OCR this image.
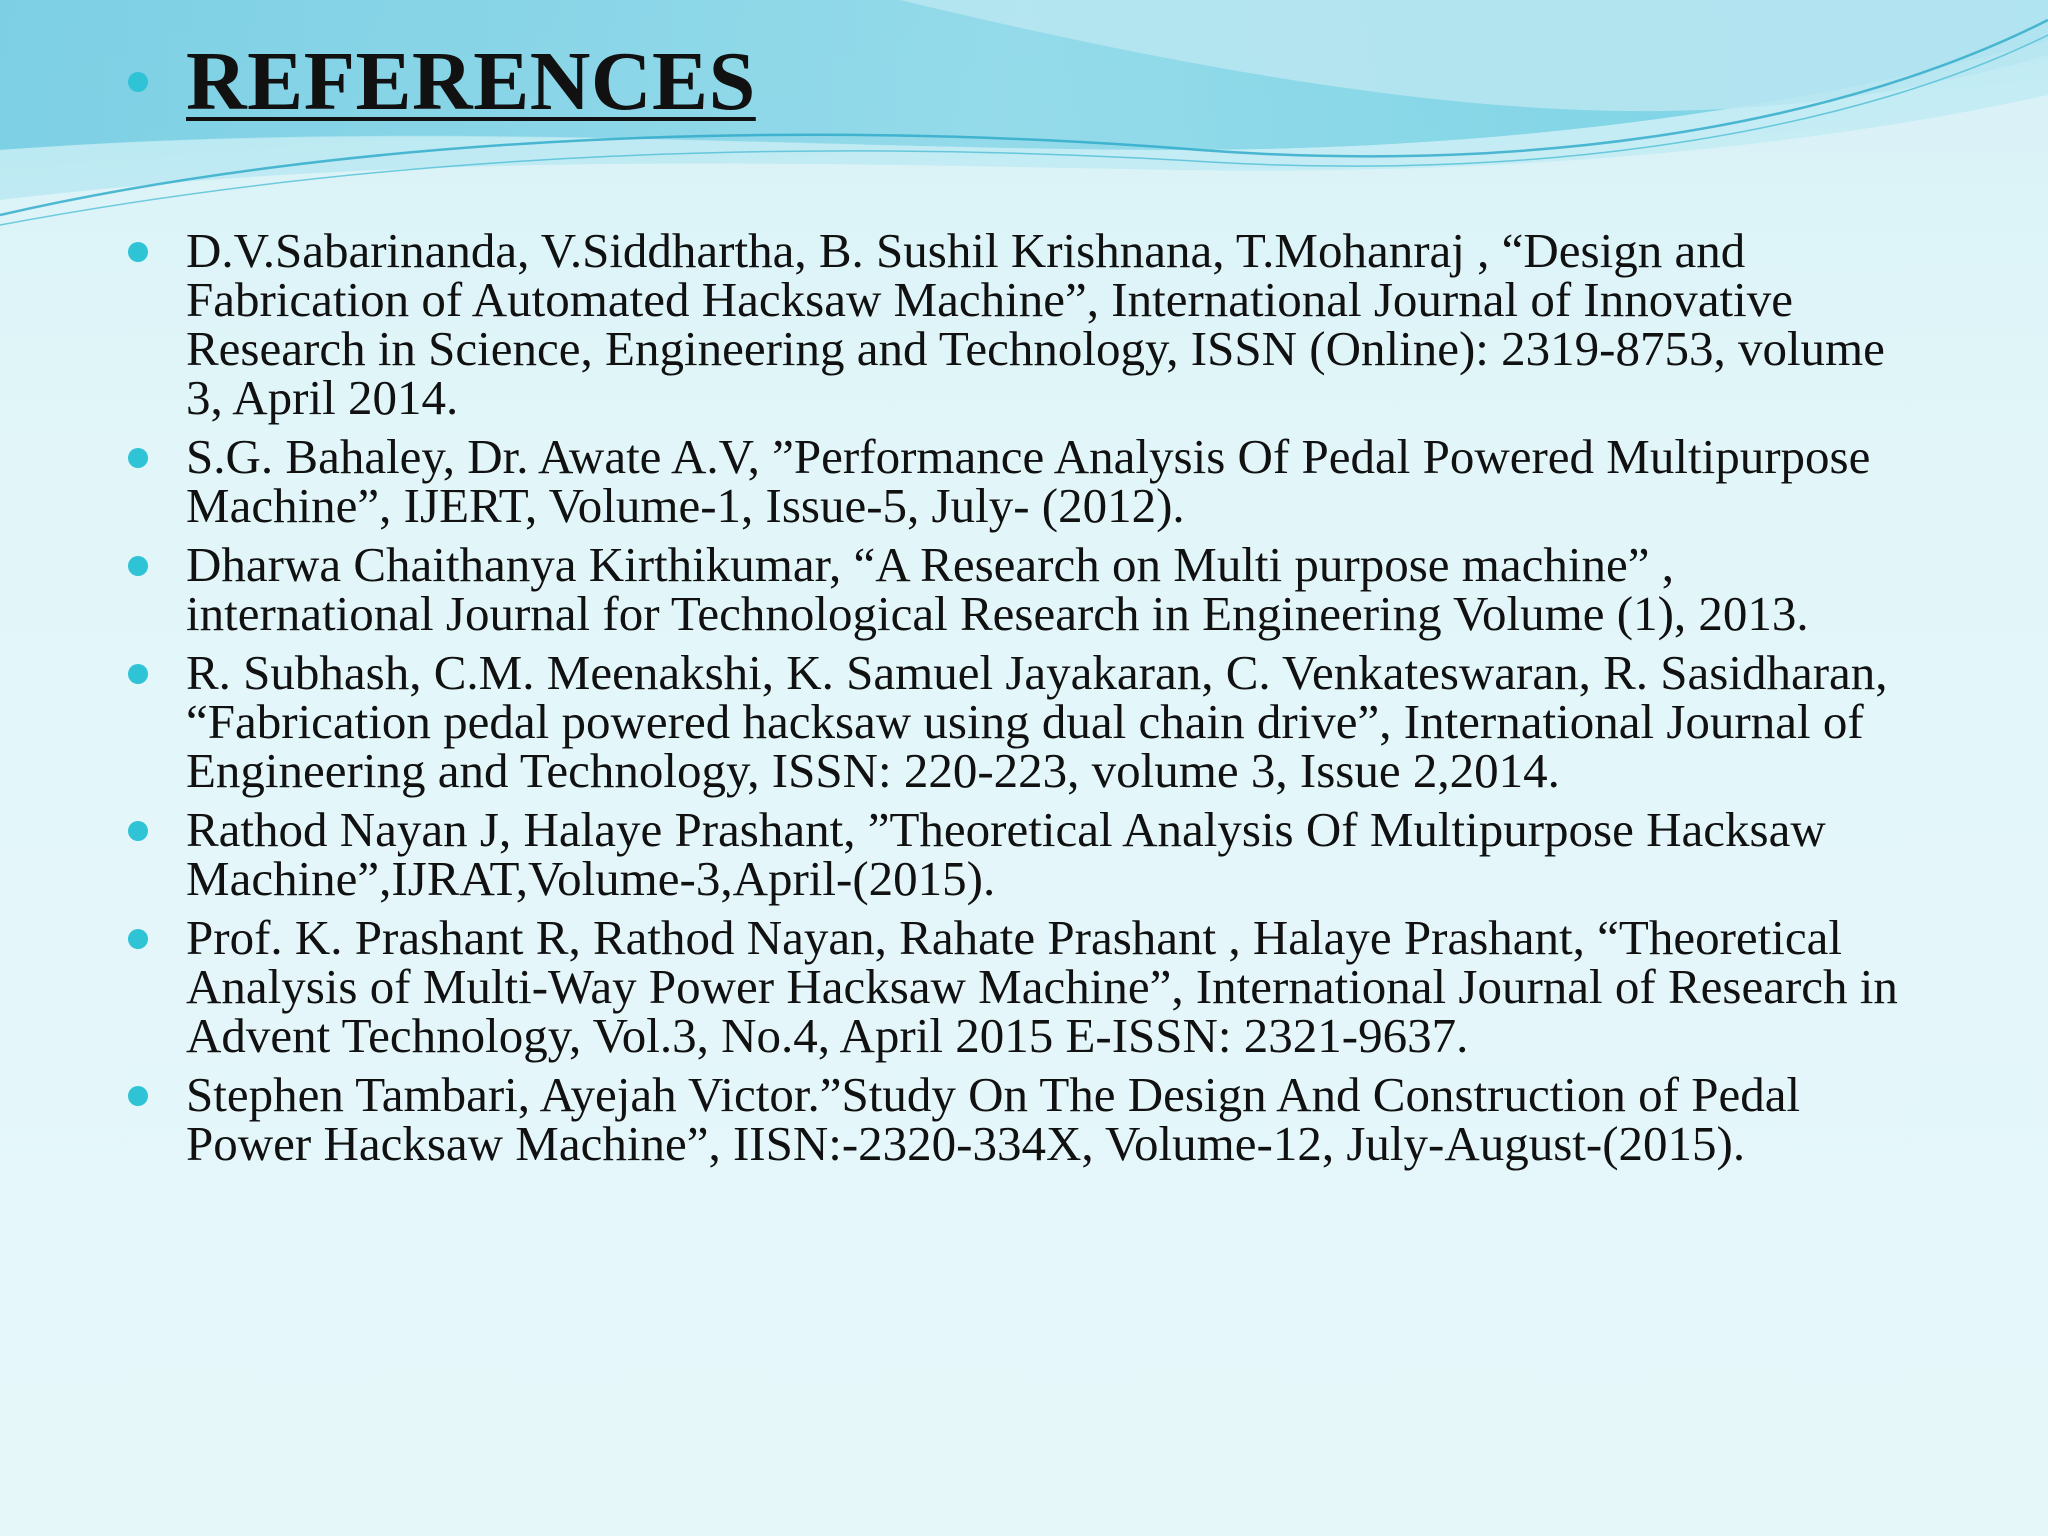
REFERENCES
D.V.Sabarinanda, V.Siddhartha, B. Sushil Krishnana, T.Mohanraj , “Design and Fabrication of Automated Hacksaw Machine”, International Journal of Innovative Research in Science, Engineering and Technology, ISSN (Online): 2319-8753, volume 3, April 2014.
S.G. Bahaley, Dr. Awate A.V, ”Performance Analysis Of Pedal Powered Multipurpose Machine”, IJERT, Volume-1, Issue-5, July- (2012).
Dharwa Chaithanya Kirthikumar, “A Research on Multi purpose machine” , international Journal for Technological Research in Engineering Volume (1), 2013.
R. Subhash, C.M. Meenakshi, K. Samuel Jayakaran, C. Venkateswaran, R. Sasidharan, “Fabrication pedal powered hacksaw using dual chain drive”, International Journal of Engineering and Technology, ISSN: 220-223, volume 3, Issue 2,2014.
Rathod Nayan J, Halaye Prashant, ”Theoretical Analysis Of Multipurpose Hacksaw Machine”,IJRAT,Volume-3,April-(2015).
Prof. K. Prashant R, Rathod Nayan, Rahate Prashant , Halaye Prashant, “Theoretical Analysis of Multi-Way Power Hacksaw Machine”, International Journal of Research in Advent Technology, Vol.3, No.4, April 2015 E-ISSN: 2321-9637.
Stephen Tambari, Ayejah Victor.”Study On The Design And Construction of Pedal Power Hacksaw Machine”, IISN:-2320-334X, Volume-12, July-August-(2015).
